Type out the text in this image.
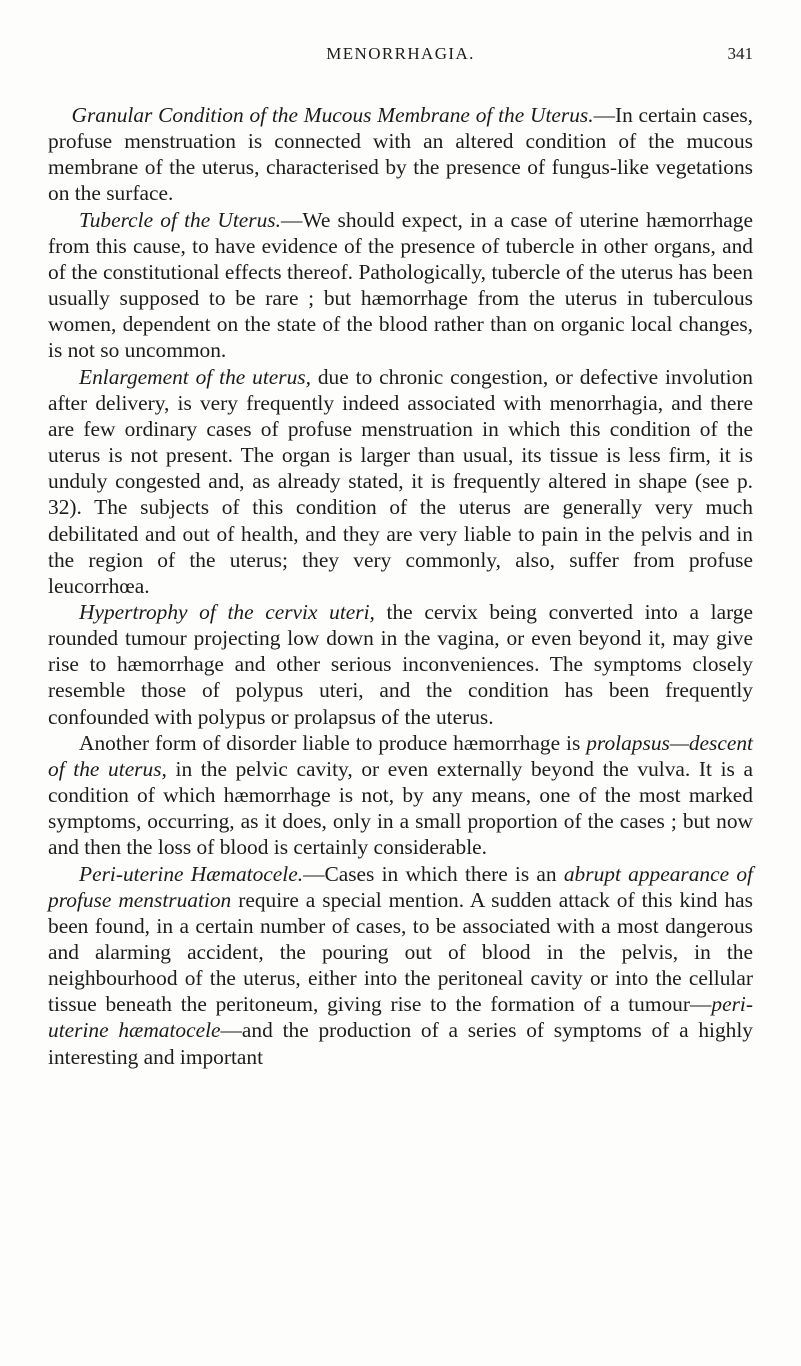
MENORRHAGIA.	341

Granular Condition of the Mucous Membrane of the Uterus.—In certain cases, profuse menstruation is connected with an altered condition of the mucous membrane of the uterus, characterised by the presence of fungus-like vegetations on the surface.

Tubercle of the Uterus.—We should expect, in a case of uterine hæmorrhage from this cause, to have evidence of the presence of tubercle in other organs, and of the constitutional effects thereof. Pathologically, tubercle of the uterus has been usually supposed to be rare ; but hæmorrhage from the uterus in tuberculous women, dependent on the state of the blood rather than on organic local changes, is not so uncommon.

Enlargement of the uterus, due to chronic congestion, or defective involution after delivery, is very frequently indeed associated with menorrhagia, and there are few ordinary cases of profuse menstruation in which this condition of the uterus is not present. The organ is larger than usual, its tissue is less firm, it is unduly congested and, as already stated, it is frequently altered in shape (see p. 32). The subjects of this condition of the uterus are generally very much debilitated and out of health, and they are very liable to pain in the pelvis and in the region of the uterus; they very commonly, also, suffer from profuse leucorrhœa.

Hypertrophy of the cervix uteri, the cervix being converted into a large rounded tumour projecting low down in the vagina, or even beyond it, may give rise to hæmorrhage and other serious inconveniences. The symptoms closely resemble those of polypus uteri, and the condition has been frequently confounded with polypus or prolapsus of the uterus.

Another form of disorder liable to produce hæmorrhage is prolapsus—descent of the uterus, in the pelvic cavity, or even externally beyond the vulva. It is a condition of which hæmorrhage is not, by any means, one of the most marked symptoms, occurring, as it does, only in a small proportion of the cases ; but now and then the loss of blood is certainly considerable.

Peri-uterine Hæmatocele.—Cases in which there is an abrupt appearance of profuse menstruation require a special mention. A sudden attack of this kind has been found, in a certain number of cases, to be associated with a most dangerous and alarming accident, the pouring out of blood in the pelvis, in the neighbourhood of the uterus, either into the peritoneal cavity or into the cellular tissue beneath the peritoneum, giving rise to the formation of a tumour—peri-uterine hæmatocele—and the production of a series of symptoms of a highly interesting and important
